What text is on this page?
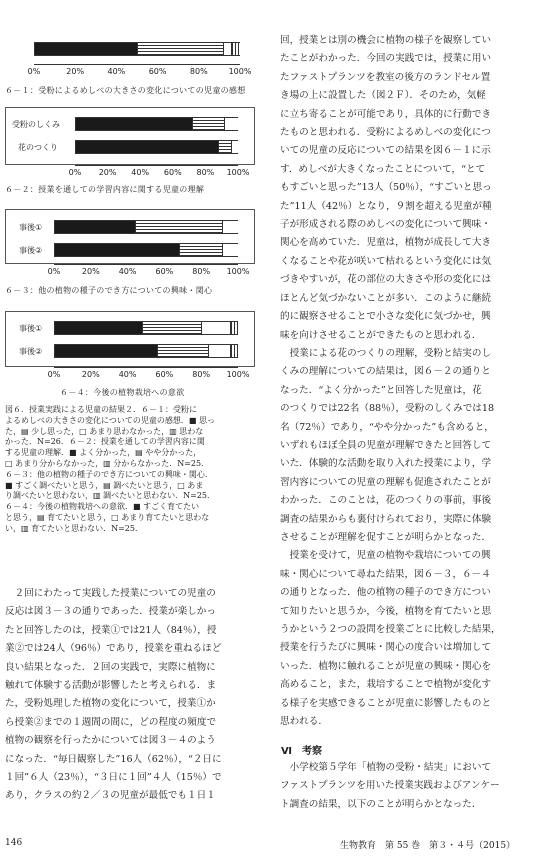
６－１：受粉によるめしべの大きさの変化についての児童の感想
受粉のしくみ
花のつくり
６－２：授業を通しての学習内容に関する児童の理解
事後①
事後②
６－３：他の植物の種子のでき方についての興味・関心
事後①
事後②
６－４：今後の植物栽培への意欲
図６．授業実践による児童の結果２．６－１：受粉に
よるめしべの大きさの変化についての児童の感想．■ 思っ
た，▤ 少し思った，□ あまり思わなかった，▥ 思わな
かった．N=26．６－２：授業を通しての学習内容に関
する児童の理解．■ よく分かった，▤ やや分かった，
□ あまり分からなかった，▥ 分からなかった．N=25．
６－３：他の植物の種子のでき方についての興味・関心．
■ すごく調べたいと思う，▤ 調べたいと思う，□ あま
り調べたいと思わない，▥ 調べたいと思わない．N=25．
６－４：今後の植物栽培への意欲．■ すごく育てたい
と思う，▤ 育てたいと思う，□ あまり育てたいと思わな
い，▥ 育てたいと思わない．N=25．
　２回にわたって実践した授業についての児童の
反応は図３－３の通りであった．授業が楽しかっ
たと回答したのは，授業①では21人（84％），授
業②では24人（96％）であり，授業を重ねるほど
良い結果となった．２回の実践で，実際に植物に
触れて体験する活動が影響したと考えられる．ま
た，受粉処理した植物の変化について，授業①か
ら授業②までの１週間の間に，どの程度の頻度で
植物の観察を行ったかについては図３－４のよう
になった．“毎日観察した”16人（62％），“２日に
１回”６人（23％），“３日に１回”４人（15％）で
あり，クラスの約２／３の児童が最低でも１日１
回，授業とは別の機会に植物の様子を観察してい
たことがわかった．今回の実践では，授業に用い
たファストプランツを教室の後方のランドセル置
き場の上に設置した（図２Ｆ）．そのため，気軽
に立ち寄ることが可能であり，具体的に行動でき
たものと思われる．受粉によるめしべの変化につ
いての児童の反応についての結果を図６－１に示
す．めしべが大きくなったことについて，“とて
もすごいと思った”13人（50％），“すごいと思っ
た”11人（42％）となり，９割を超える児童が種
子が形成される際のめしべの変化について興味・
関心を高めていた．児童は，植物が成長して大き
くなることや花が咲いて枯れるという変化には気
づきやすいが，花の部位の大きさや形の変化には
ほとんど気づかないことが多い．このように継続
的に観察させることで小さな変化に気づかせ，興
味を向けさせることができたものと思われる．
　授業による花のつくりの理解，受粉と結実のし
くみの理解についての結果は，図６－２の通りと
なった．“よく分かった”と回答した児童は，花
のつくりでは22名（88％），受粉のしくみでは18
名（72％）であり，“やや分かった”も含めると，
いずれもほぼ全員の児童が理解できたと回答して
いた．体験的な活動を取り入れた授業により，学
習内容についての児童の理解も促進されたことが
わかった．このことは，花のつくりの事前，事後
調査の結果からも裏付けられており，実際に体験
させることが理解を促すことが明らかとなった．
　授業を受けて，児童の植物や栽培についての興
味・関心について尋ねた結果，図６－３，６－４
の通りとなった．他の植物の種子のでき方につい
て知りたいと思うか，今後，植物を育てたいと思
うかという２つの設問を授業ごとに比較した結果，
授業を行うたびに興味・関心の度合いは増加して
いった．植物に触れることが児童の興味・関心を
高めること，また，栽培することで植物が変化す
る様子を実感できることが児童に影響したものと
思われる．
Ⅵ　考察
　小学校第５学年「植物の受粉・結実」において
ファストプランツを用いた授業実践およびアンケー
ト調査の結果，以下のことが明らかとなった．
146	生物教育　第 55 巻　第３・４号（2015）
0%	20%	40%	60%	80%	100%
0% 20% 40% 60% 80% 100%
0%	20% 40% 60% 80% 100%
0%	20% 40% 60% 80% 100%
